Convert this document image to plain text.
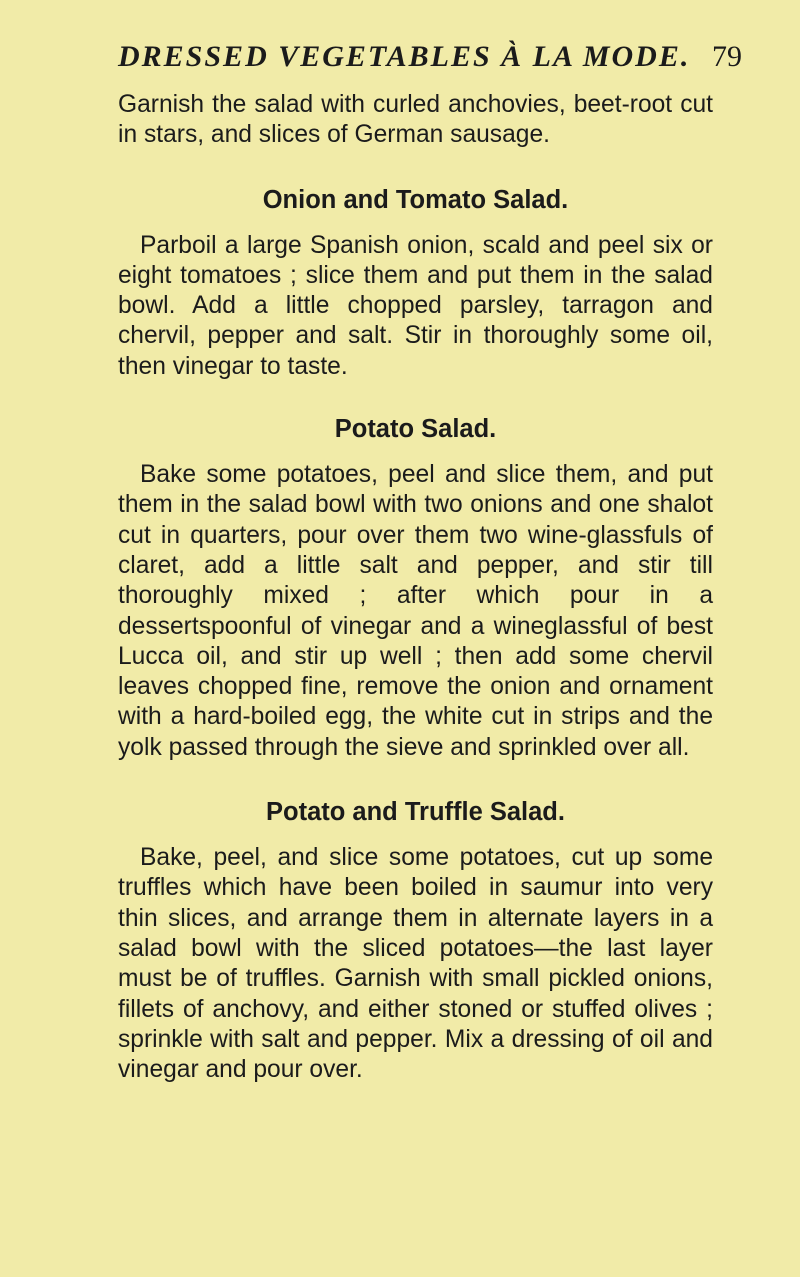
DRESSED VEGETABLES À LA MODE. 79

Garnish the salad with curled anchovies, beet-root cut in stars, and slices of German sausage.

Onion and Tomato Salad.

Parboil a large Spanish onion, scald and peel six or eight tomatoes ; slice them and put them in the salad bowl. Add a little chopped parsley, tarragon and chervil, pepper and salt. Stir in thoroughly some oil, then vinegar to taste.

Potato Salad.

Bake some potatoes, peel and slice them, and put them in the salad bowl with two onions and one shalot cut in quarters, pour over them two wine-glassfuls of claret, add a little salt and pepper, and stir till thoroughly mixed ; after which pour in a dessertspoonful of vinegar and a wineglassful of best Lucca oil, and stir up well ; then add some chervil leaves chopped fine, remove the onion and ornament with a hard-boiled egg, the white cut in strips and the yolk passed through the sieve and sprinkled over all.

Potato and Truffle Salad.

Bake, peel, and slice some potatoes, cut up some truffles which have been boiled in saumur into very thin slices, and arrange them in alternate layers in a salad bowl with the sliced potatoes—the last layer must be of truffles. Garnish with small pickled onions, fillets of anchovy, and either stoned or stuffed olives ; sprinkle with salt and pepper. Mix a dressing of oil and vinegar and pour over.
